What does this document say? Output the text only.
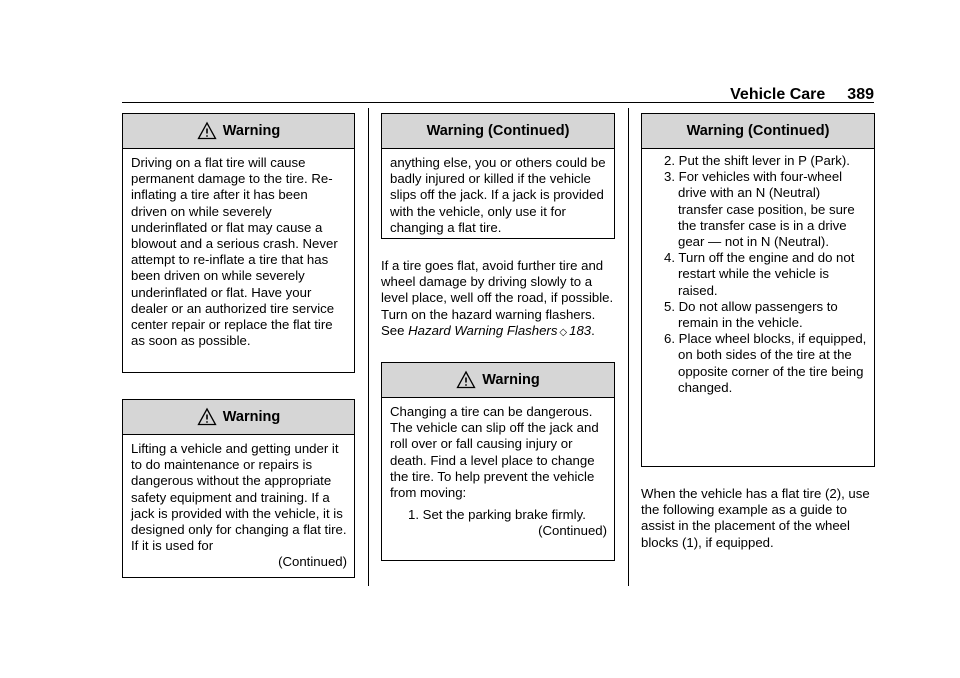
Vehicle Care 389
Warning

Driving on a flat tire will cause permanent damage to the tire. Re-inflating a tire after it has been driven on while severely underinflated or flat may cause a blowout and a serious crash. Never attempt to re-inflate a tire that has been driven on while severely underinflated or flat. Have your dealer or an authorized tire service center repair or replace the flat tire as soon as possible.

Warning

Lifting a vehicle and getting under it to do maintenance or repairs is dangerous without the appropriate safety equipment and training. If a jack is provided with the vehicle, it is designed only for changing a flat tire. If it is used for

(Continued)

Warning (Continued)

anything else, you or others could be badly injured or killed if the vehicle slips off the jack. If a jack is provided with the vehicle, only use it for changing a flat tire.

If a tire goes flat, avoid further tire and wheel damage by driving slowly to a level place, well off the road, if possible. Turn on the hazard warning flashers. See Hazard Warning Flashers ◇ 183.

Warning

Changing a tire can be dangerous. The vehicle can slip off the jack and roll over or fall causing injury or death. Find a level place to change the tire. To help prevent the vehicle from moving:

1. Set the parking brake firmly.

(Continued)

Warning (Continued)

2. Put the shift lever in P (Park).

3. For vehicles with four-wheel drive with an N (Neutral) transfer case position, be sure the transfer case is in a drive gear — not in N (Neutral).

4. Turn off the engine and do not restart while the vehicle is raised.

5. Do not allow passengers to remain in the vehicle.

6. Place wheel blocks, if equipped, on both sides of the tire at the opposite corner of the tire being changed.

When the vehicle has a flat tire (2), use the following example as a guide to assist in the placement of the wheel blocks (1), if equipped.
